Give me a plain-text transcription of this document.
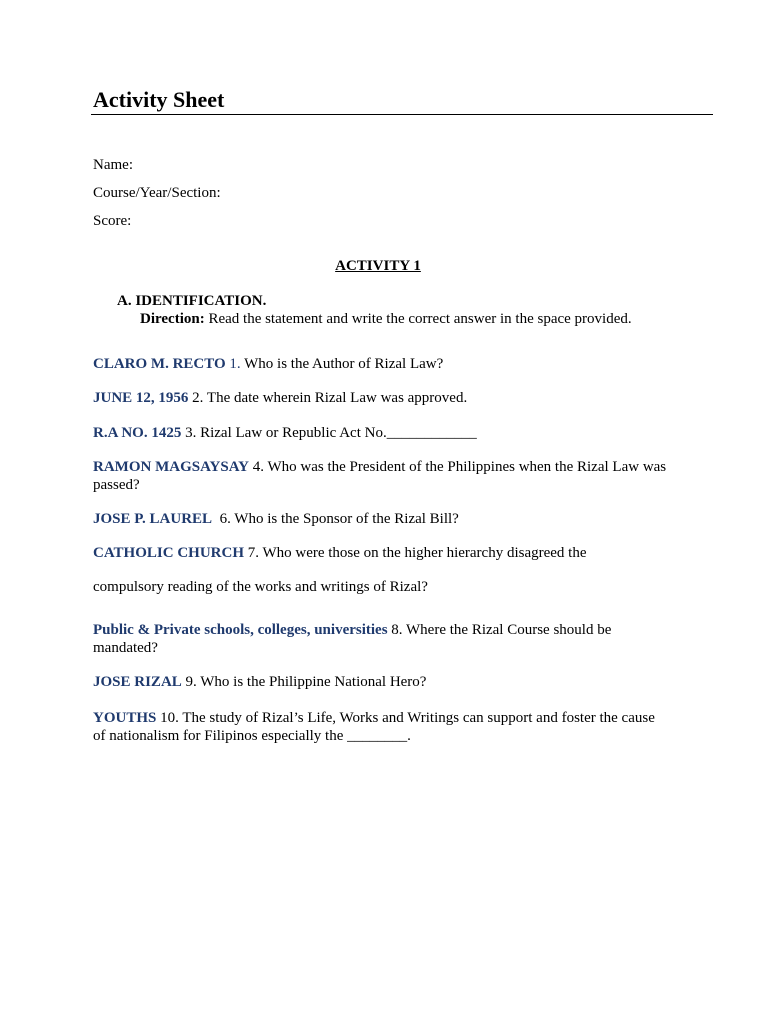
Activity Sheet
Name:
Course/Year/Section:
Score:
ACTIVITY 1
A. IDENTIFICATION.
Direction: Read the statement and write the correct answer in the space provided.
CLARO M. RECTO 1. Who is the Author of Rizal Law?
JUNE 12, 1956 2. The date wherein Rizal Law was approved.
R.A NO. 1425 3. Rizal Law or Republic Act No.____________
RAMON MAGSAYSAY 4. Who was the President of the Philippines when the Rizal Law was passed?
JOSE P. LAUREL  6. Who is the Sponsor of the Rizal Bill?
CATHOLIC CHURCH 7. Who were those on the higher hierarchy disagreed the
compulsory reading of the works and writings of Rizal?
Public & Private schools, colleges, universities 8. Where the Rizal Course should be mandated?
JOSE RIZAL 9. Who is the Philippine National Hero?
YOUTHS 10. The study of Rizal’s Life, Works and Writings can support and foster the cause of nationalism for Filipinos especially the ________.
